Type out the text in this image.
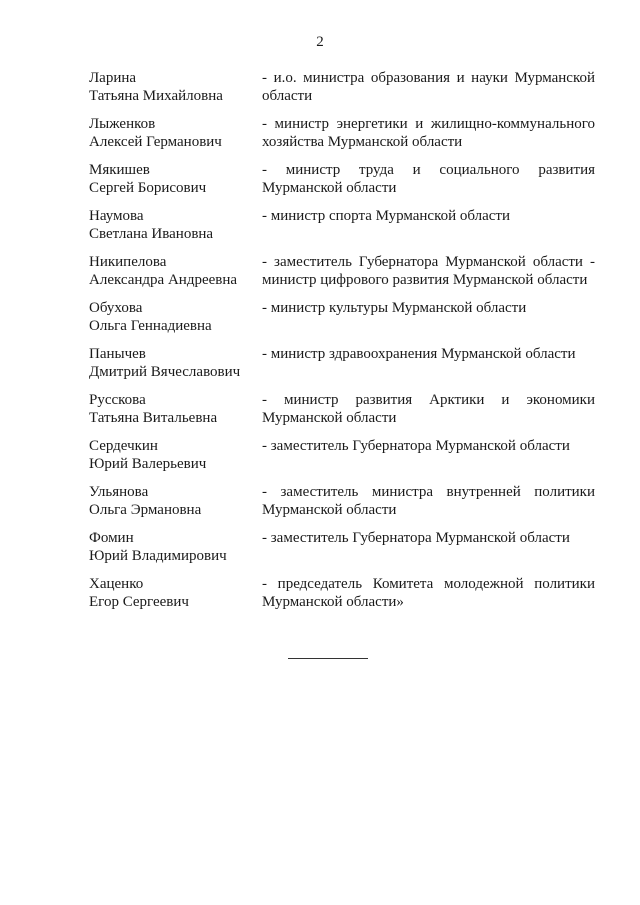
2
Ларина
Татьяна Михайловна
- и.о. министра образования и науки Мурманской области
Лыженков
Алексей Германович
- министр энергетики и жилищно-коммунального хозяйства Мурманской области
Мякишев
Сергей Борисович
- министр труда и социального развития Мурманской области
Наумова
Светлана Ивановна
- министр спорта Мурманской области
Никипелова
Александра Андреевна
- заместитель Губернатора Мурманской области - министр цифрового развития Мурманской области
Обухова
Ольга Геннадиевна
- министр культуры Мурманской области
Панычев
Дмитрий Вячеславович
- министр здравоохранения Мурманской области
Русскова
Татьяна Витальевна
- министр развития Арктики и экономики Мурманской области
Сердечкин
Юрий Валерьевич
- заместитель Губернатора Мурманской области
Ульянова
Ольга Эрмановна
- заместитель министра внутренней политики Мурманской области
Фомин
Юрий Владимирович
- заместитель Губернатора Мурманской области
Хаценко
Егор Сергеевич
- председатель Комитета молодежной политики Мурманской области»
